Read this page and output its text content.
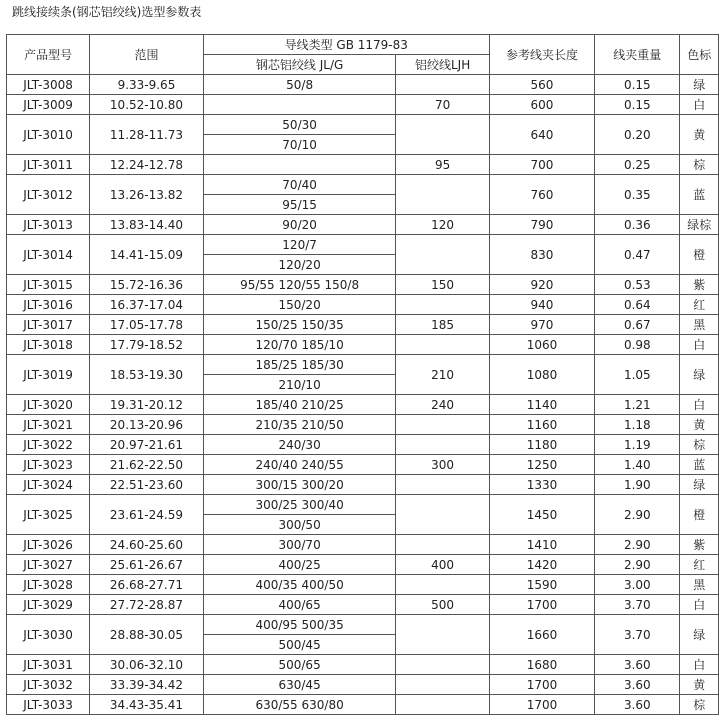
跳线接续条(钢芯铝绞线)选型参数表
产品型号	范围	导线类型 GB 1179-83		参考线夹长度	线夹重量	色标
		钢芯铝绞线 JL/G	铝绞线LJH			
JLT-3008	9.33-9.65	50/8		560	0.15	绿
JLT-3009	10.52-10.80		70	600	0.15	白
JLT-3010	11.28-11.73	50/30		640	0.20	黄
		70/10				
JLT-3011	12.24-12.78		95	700	0.25	棕
JLT-3012	13.26-13.82	70/40		760	0.35	蓝
		95/15				
JLT-3013	13.83-14.40	90/20	120	790	0.36	绿棕
JLT-3014	14.41-15.09	120/7		830	0.47	橙
		120/20				
JLT-3015	15.72-16.36	95/55 120/55 150/8	150	920	0.53	紫
JLT-3016	16.37-17.04	150/20		940	0.64	红
JLT-3017	17.05-17.78	150/25 150/35	185	970	0.67	黑
JLT-3018	17.79-18.52	120/70 185/10		1060	0.98	白
JLT-3019	18.53-19.30	185/25 185/30	210	1080	1.05	绿
		210/10				
JLT-3020	19.31-20.12	185/40 210/25	240	1140	1.21	白
JLT-3021	20.13-20.96	210/35 210/50		1160	1.18	黄
JLT-3022	20.97-21.61	240/30		1180	1.19	棕
JLT-3023	21.62-22.50	240/40 240/55	300	1250	1.40	蓝
JLT-3024	22.51-23.60	300/15 300/20		1330	1.90	绿
JLT-3025	23.61-24.59	300/25 300/40		1450	2.90	橙
		300/50				
JLT-3026	24.60-25.60	300/70		1410	2.90	紫
JLT-3027	25.61-26.67	400/25	400	1420	2.90	红
JLT-3028	26.68-27.71	400/35 400/50		1590	3.00	黑
JLT-3029	27.72-28.87	400/65	500	1700	3.70	白
JLT-3030	28.88-30.05	400/95 500/35		1660	3.70	绿
		500/45				
JLT-3031	30.06-32.10	500/65		1680	3.60	白
JLT-3032	33.39-34.42	630/45		1700	3.60	黄
JLT-3033	34.43-35.41	630/55 630/80		1700	3.60	棕
